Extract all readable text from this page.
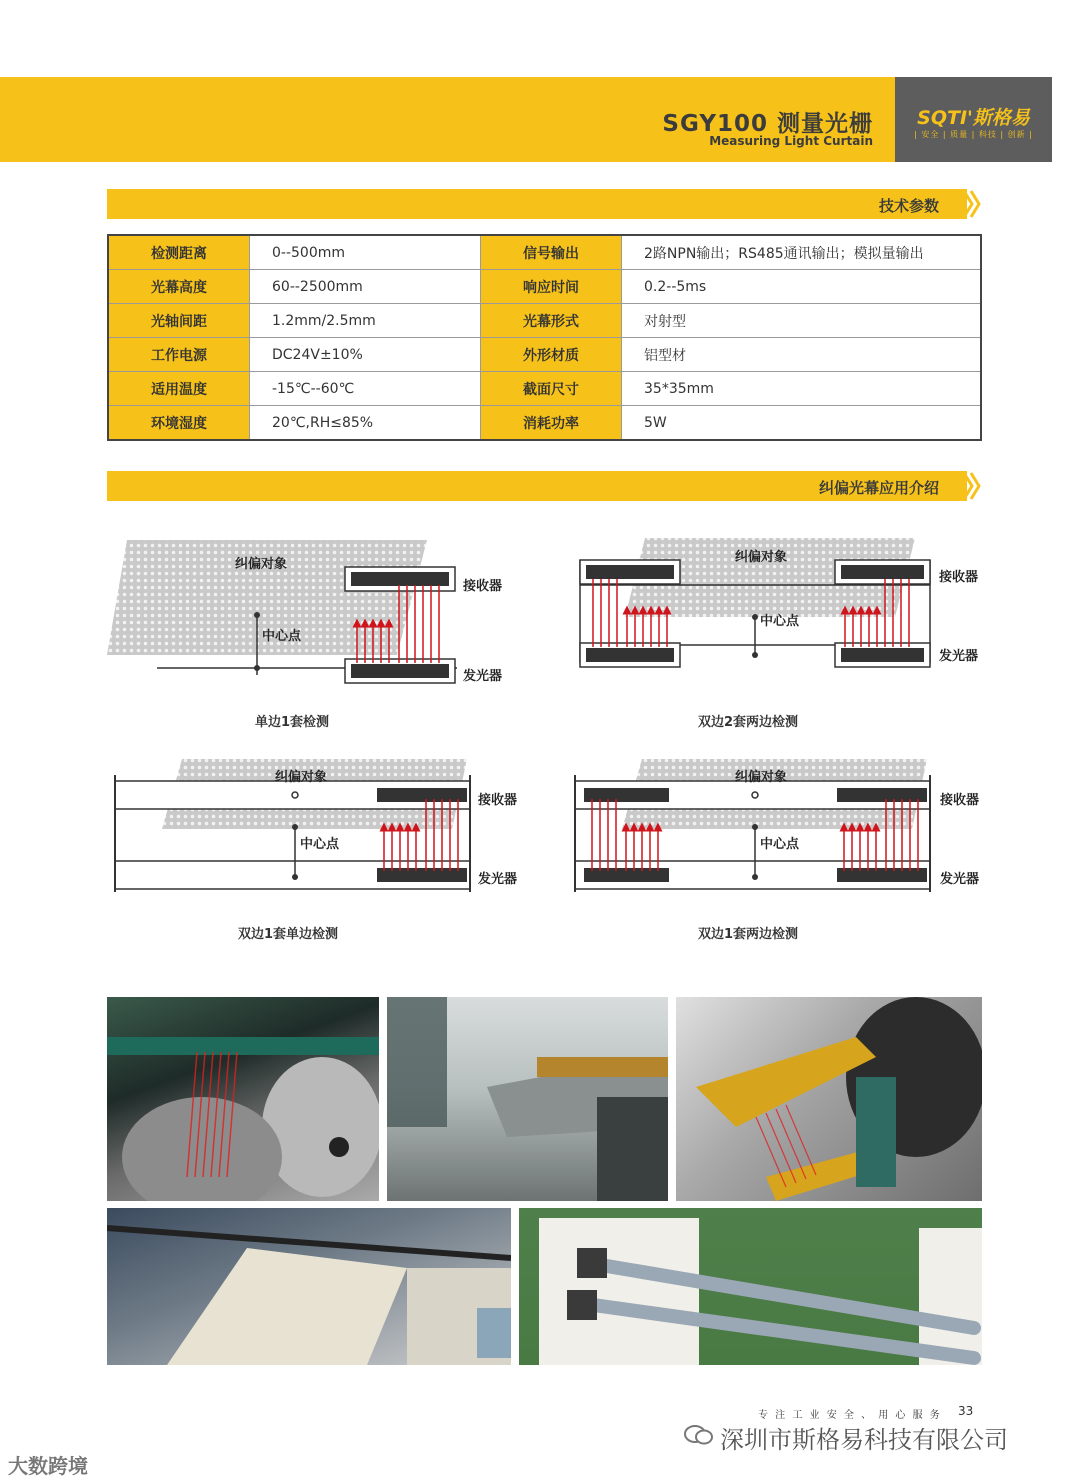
SGY100 测量光栅
Measuring Light Curtain
SQTI'斯格易
| 安全 | 质量 | 科技 | 创新 |
技术参数
检测距离	0--500mm	信号输出	2路NPN输出；RS485通讯输出；模拟量输出
光幕高度	60--2500mm	响应时间	0.2--5ms
光轴间距	1.2mm/2.5mm	光幕形式	对射型
工作电源	DC24V±10%	外形材质	铝型材
适用温度	-15℃--60℃	截面尺寸	35*35mm
环境湿度	20℃,RH≤85%	消耗功率	5W
纠偏光幕应用介绍
纠偏对象
中心点
接收器
发光器
单边1套检测
纠偏对象
中心点
接收器
发光器
双边2套两边检测
纠偏对象
中心点
接收器
发光器
双边1套单边检测
纠偏对象
中心点
接收器
发光器
双边1套两边检测
专 注 工 业 安 全 、 用 心 服 务 33
深圳市斯格易科技有限公司
大数跨境
